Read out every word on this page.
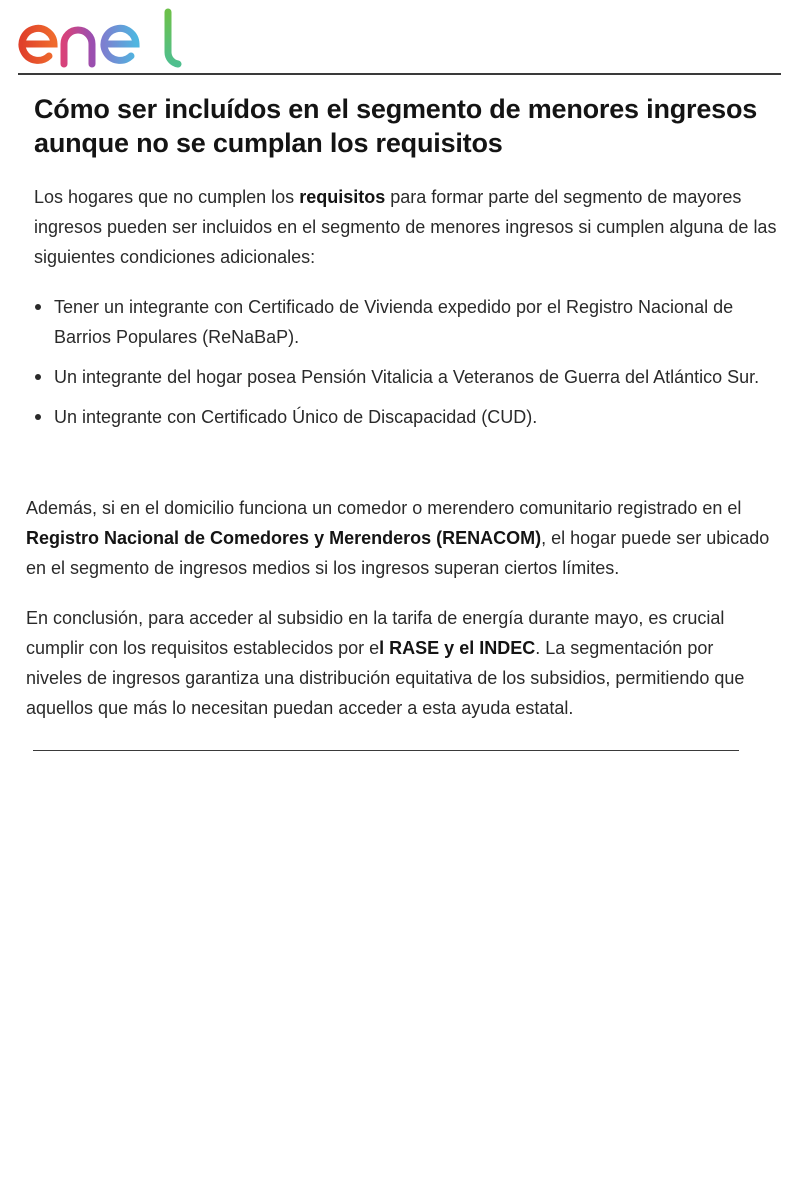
Cómo ser incluídos en el segmento de menores ingresos aunque no se cumplan los requisitos

Los hogares que no cumplen los requisitos para formar parte del segmento de mayores ingresos pueden ser incluidos en el segmento de menores ingresos si cumplen alguna de las siguientes condiciones adicionales:

Tener un integrante con Certificado de Vivienda expedido por el Registro Nacional de Barrios Populares (ReNaBaP).
Un integrante del hogar posea Pensión Vitalicia a Veteranos de Guerra del Atlántico Sur.
Un integrante con Certificado Único de Discapacidad (CUD).

Además, si en el domicilio funciona un comedor o merendero comunitario registrado en el Registro Nacional de Comedores y Merenderos (RENACOM), el hogar puede ser ubicado en el segmento de ingresos medios si los ingresos superan ciertos límites.

En conclusión, para acceder al subsidio en la tarifa de energía durante mayo, es crucial cumplir con los requisitos establecidos por el RASE y el INDEC. La segmentación por niveles de ingresos garantiza una distribución equitativa de los subsidios, permitiendo que aquellos que más lo necesitan puedan acceder a esta ayuda estatal.
